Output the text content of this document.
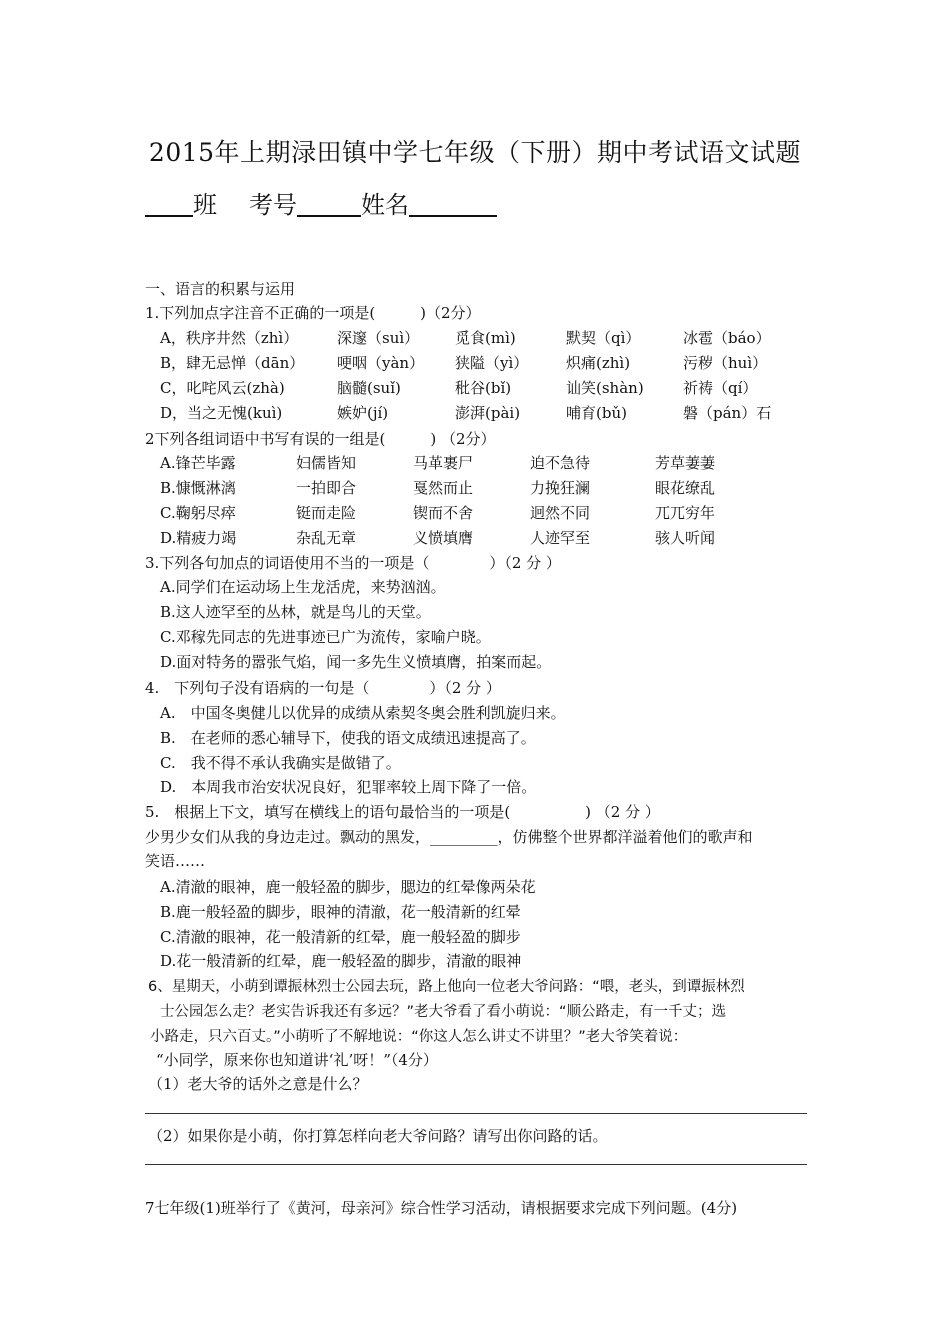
2015年上期渌田镇中学七年级（下册）期中考试语文试题
班 考号	姓名
一、语言的积累与运用
1.下列加点字注音不正确的一项是(　　　)（2分）
A，秩序井然（zhì）	深邃（suì） 觅食(mì)	默契（qì）	冰雹（báo）
B，肆无忌惮（dān） 哽咽（yàn） 狭隘（yì）	炽痛(zhì)	污秽（huì）
C，叱咤风云(zhà)	脑髓(suǐ)	秕谷(bǐ)	讪笑(shàn)	祈祷（qí）
D，当之无愧(kuì)	嫉妒(jí)	澎湃(pài)	哺育(bǔ)	磐（pán）石
2下列各组词语中书写有误的一组是(　　　) （2分）
A.锋芒毕露	妇儒皆知	马革裹尸	迫不急待	芳草萋萋
B.慷慨淋漓	一拍即合	戛然而止	力挽狂澜	眼花缭乱
C.鞠躬尽瘁	铤而走险	锲而不舍	迥然不同	兀兀穷年
D.精疲力竭	杂乱无章	义愤填膺	人迹罕至	骇人听闻
3.下列各句加点的词语使用不当的一项是（　　　　）（2 分 ）
A.同学们在运动场上生龙活虎，来势汹汹。
B.这人迹罕至的丛林，就是鸟儿的天堂。
C.邓稼先同志的先进事迹已广为流传，家喻户晓。
D.面对特务的嚣张气焰，闻一多先生义愤填膺，拍案而起。
4.　下列句子没有语病的一句是（　　　　）（2 分 ）
A.　中国冬奥健儿以优异的成绩从索契冬奥会胜利凯旋归来。
B.　在老师的悉心辅导下，使我的语文成绩迅速提高了。
C.　我不得不承认我确实是做错了。
D.　本周我市治安状况良好，犯罪率较上周下降了一倍。
5.　根据上下文，填写在横线上的语句最恰当的一项是(　　　　　) （2 分 ）
少男少女们从我的身边走过。飘动的黑发，_________，仿佛整个世界都洋溢着他们的歌声和
笑语……
A.清澈的眼神，鹿一般轻盈的脚步，腮边的红晕像两朵花
B.鹿一般轻盈的脚步，眼神的清澈，花一般清新的红晕
C.清澈的眼神，花一般清新的红晕，鹿一般轻盈的脚步
D.花一般清新的红晕，鹿一般轻盈的脚步，清澈的眼神
6、星期天，小萌到谭振林烈士公园去玩，路上他向一位老大爷问路：“喂，老头，到谭振林烈
士公园怎么走？老实告诉我还有多远？”老大爷看了看小萌说：“顺公路走，有一千丈；选
小路走，只六百丈。”小萌听了不解地说：“你这人怎么讲丈不讲里？”老大爷笑着说：
“小同学，原来你也知道讲‘礼’呀！”（4分）
（1）老大爷的话外之意是什么？
（2）如果你是小萌，你打算怎样向老大爷问路？请写出你问路的话。
7七年级(1)班举行了《黄河，母亲河》综合性学习活动，请根据要求完成下列问题。(4分)
